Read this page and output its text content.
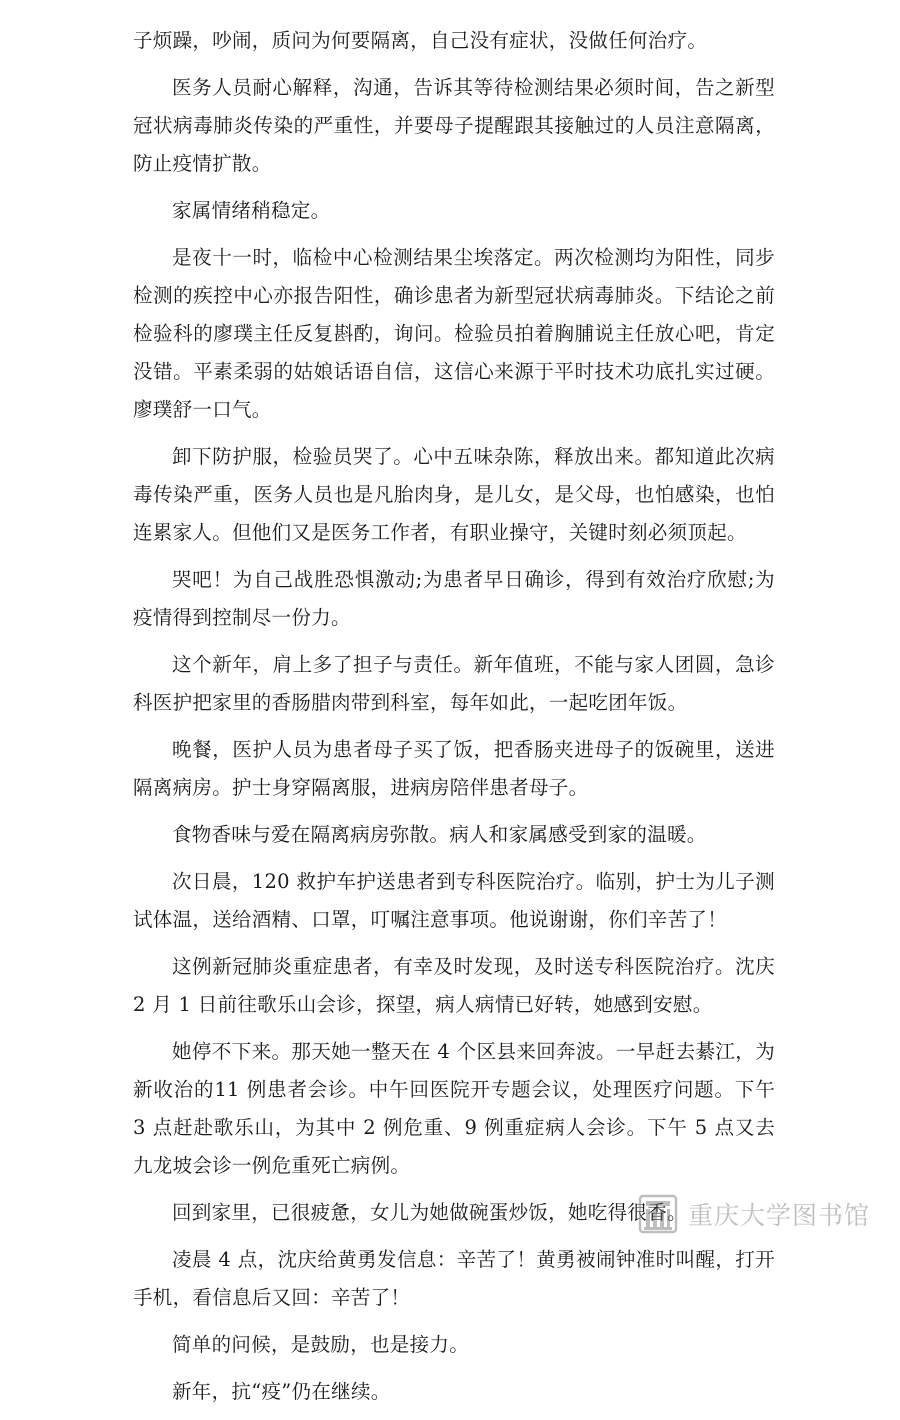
子烦躁，吵闹，质问为何要隔离，自己没有症状，没做任何治疗。

医务人员耐心解释，沟通，告诉其等待检测结果必须时间，告之新型冠状病毒肺炎传染的严重性，并要母子提醒跟其接触过的人员注意隔离，防止疫情扩散。

家属情绪稍稳定。

是夜十一时，临检中心检测结果尘埃落定。两次检测均为阳性，同步检测的疾控中心亦报告阳性，确诊患者为新型冠状病毒肺炎。下结论之前检验科的廖璞主任反复斟酌，询问。检验员拍着胸脯说主任放心吧，肯定没错。平素柔弱的姑娘话语自信，这信心来源于平时技术功底扎实过硬。廖璞舒一口气。

卸下防护服，检验员哭了。心中五味杂陈，释放出来。都知道此次病毒传染严重，医务人员也是凡胎肉身，是儿女，是父母，也怕感染，也怕连累家人。但他们又是医务工作者，有职业操守，关键时刻必须顶起。

哭吧！为自己战胜恐惧激动;为患者早日确诊，得到有效治疗欣慰;为疫情得到控制尽一份力。

这个新年，肩上多了担子与责任。新年值班，不能与家人团圆，急诊科医护把家里的香肠腊肉带到科室，每年如此，一起吃团年饭。

晚餐，医护人员为患者母子买了饭，把香肠夹进母子的饭碗里，送进隔离病房。护士身穿隔离服，进病房陪伴患者母子。

食物香味与爱在隔离病房弥散。病人和家属感受到家的温暖。

次日晨，120 救护车护送患者到专科医院治疗。临别，护士为儿子测试体温，送给酒精、口罩，叮嘱注意事项。他说谢谢，你们辛苦了！

这例新冠肺炎重症患者，有幸及时发现，及时送专科医院治疗。沈庆 2 月 1 日前往歌乐山会诊，探望，病人病情已好转，她感到安慰。

她停不下来。那天她一整天在 4 个区县来回奔波。一早赶去綦江，为新收治的11 例患者会诊。中午回医院开专题会议，处理医疗问题。下午 3 点赶赴歌乐山，为其中 2 例危重、9 例重症病人会诊。下午 5 点又去九龙坡会诊一例危重死亡病例。

回到家里，已很疲惫，女儿为她做碗蛋炒饭，她吃得很香。

凌晨 4 点，沈庆给黄勇发信息：辛苦了！黄勇被闹钟准时叫醒，打开手机，看信息后又回：辛苦了！

简单的问候，是鼓励，也是接力。

新年，抗“疫”仍在继续。

重庆大学图书馆
